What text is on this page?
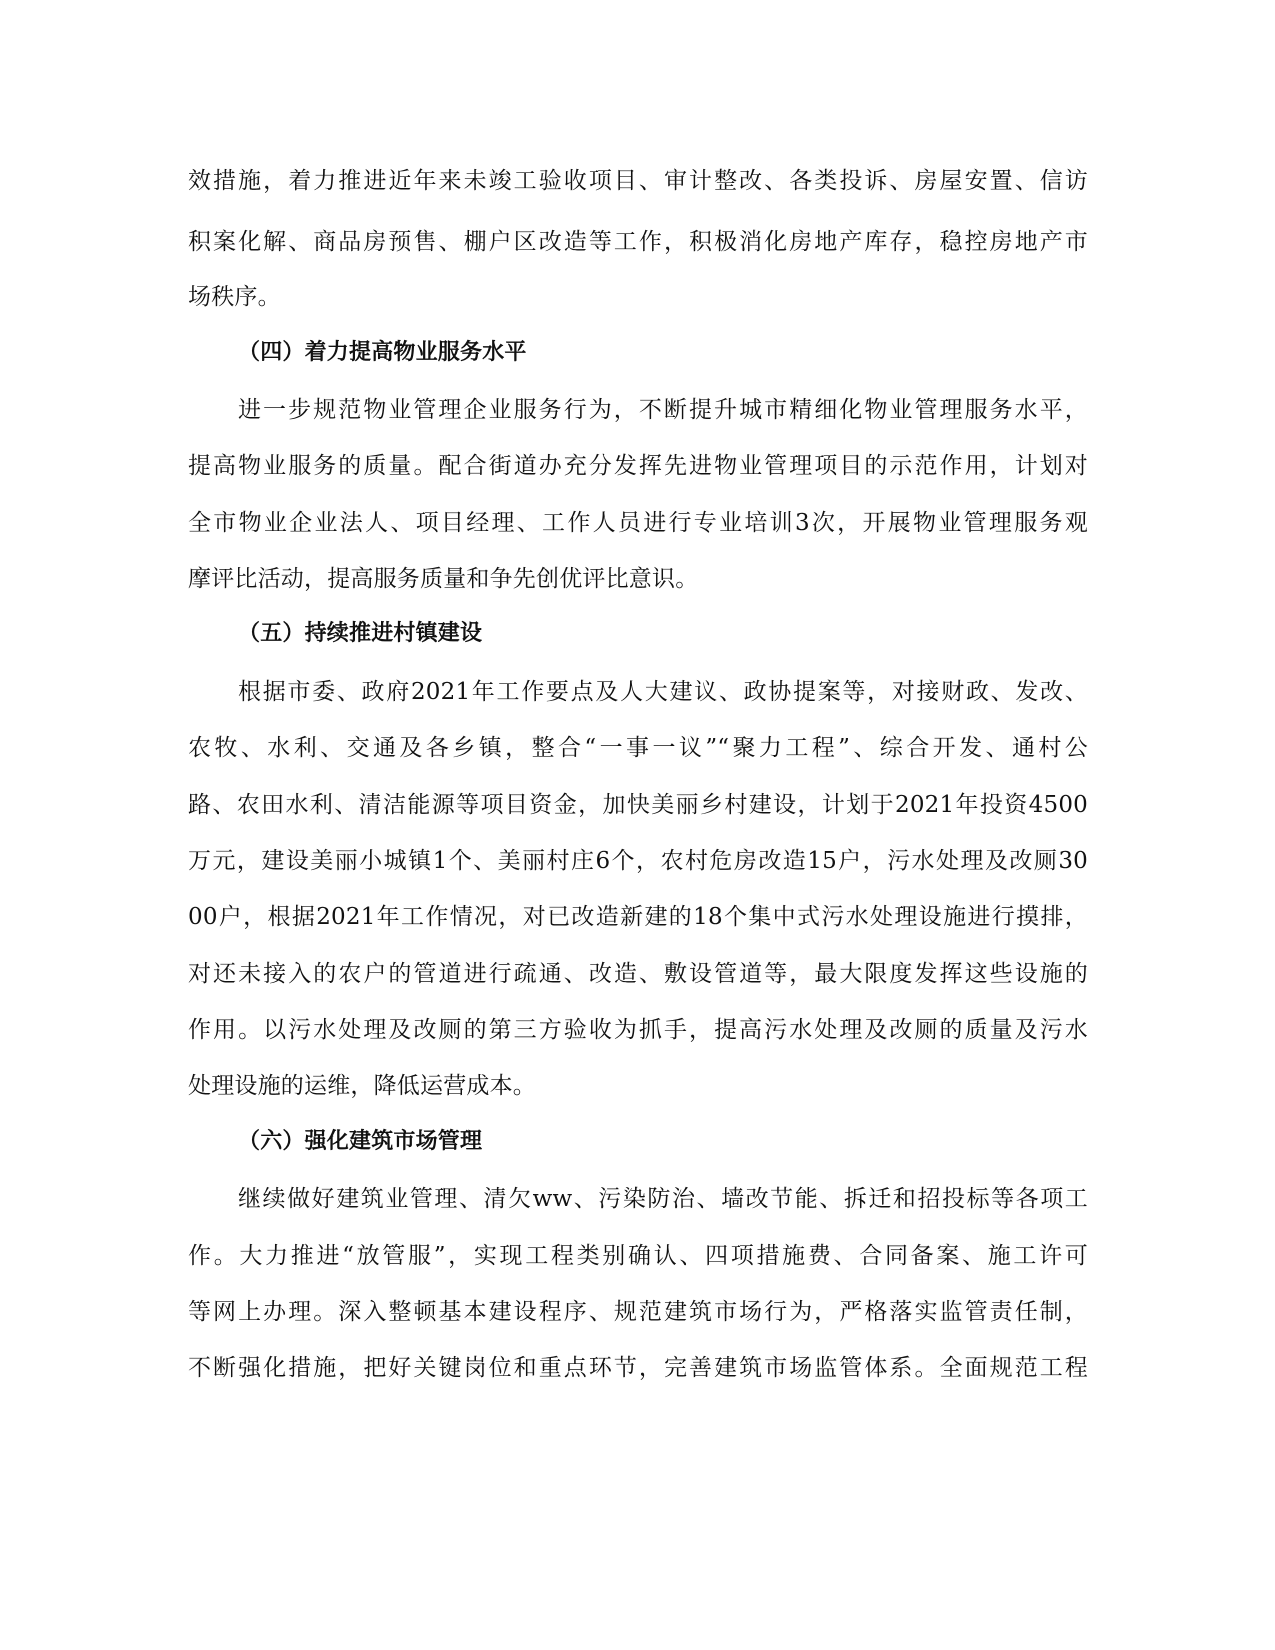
效措施，着力推进近年来未竣工验收项目、审计整改、各类投诉、房屋安置、信访
积案化解、商品房预售、棚户区改造等工作，积极消化房地产库存，稳控房地产市
场秩序。
（四）着力提高物业服务水平
进一步规范物业管理企业服务行为，不断提升城市精细化物业管理服务水平，
提高物业服务的质量。配合街道办充分发挥先进物业管理项目的示范作用，计划对
全市物业企业法人、项目经理、工作人员进行专业培训3次，开展物业管理服务观
摩评比活动，提高服务质量和争先创优评比意识。
（五）持续推进村镇建设
根据市委、政府2021年工作要点及人大建议、政协提案等，对接财政、发改、
农牧、水利、交通及各乡镇，整合“一事一议”“聚力工程”、综合开发、通村公
路、农田水利、清洁能源等项目资金，加快美丽乡村建设，计划于2021年投资4500
万元，建设美丽小城镇1个、美丽村庄6个，农村危房改造15户，污水处理及改厕30
00户，根据2021年工作情况，对已改造新建的18个集中式污水处理设施进行摸排，
对还未接入的农户的管道进行疏通、改造、敷设管道等，最大限度发挥这些设施的
作用。以污水处理及改厕的第三方验收为抓手，提高污水处理及改厕的质量及污水
处理设施的运维，降低运营成本。
（六）强化建筑市场管理
继续做好建筑业管理、清欠ww、污染防治、墙改节能、拆迁和招投标等各项工
作。大力推进“放管服”，实现工程类别确认、四项措施费、合同备案、施工许可
等网上办理。深入整顿基本建设程序、规范建筑市场行为，严格落实监管责任制，
不断强化措施，把好关键岗位和重点环节，完善建筑市场监管体系。全面规范工程
